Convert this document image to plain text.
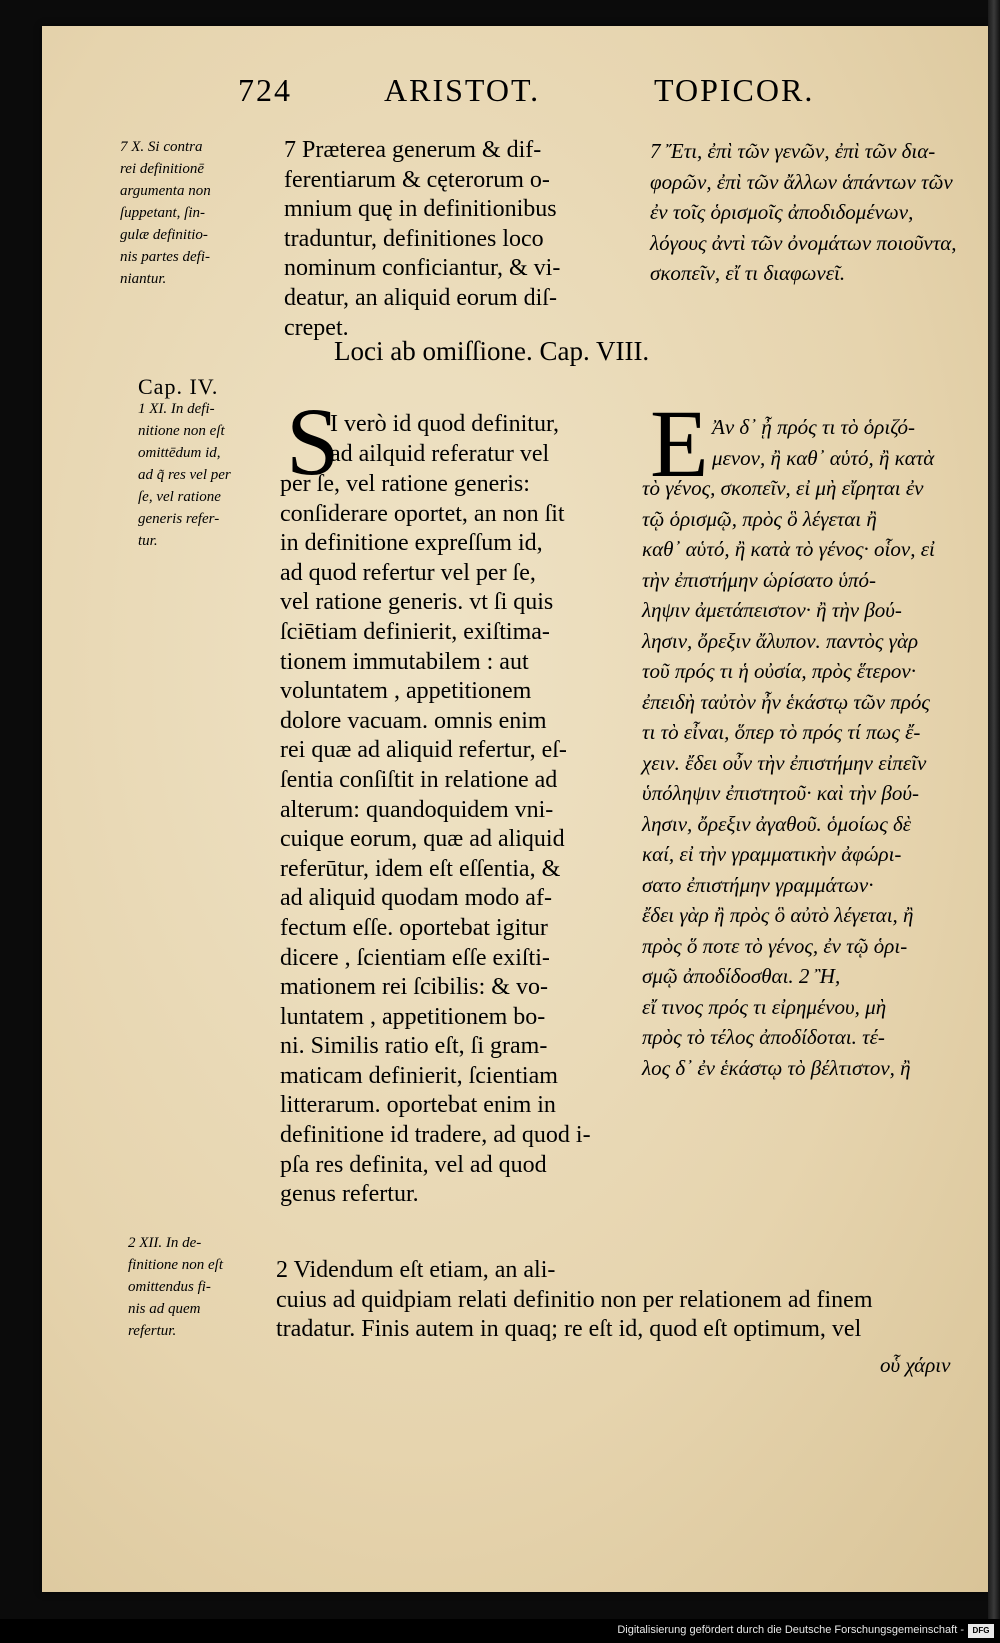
724	ARISTOT.	TOPICOR.
7 X. Si contra
rei definitionē
argumenta non
ſuppetant, ſin-
gulæ definitio-
nis partes defi-
niantur.
Cap. IV.
1 XI. In defi-
nitione non eſt
omittēdum id,
ad q̃ res vel per
ſe, vel ratione
generis refer-
tur.
2 XII. In de-
finitione non eſt
omittendus fi-
nis ad quem
refertur.
7 Præterea generum & dif-
ferentiarum & cęterorum o-
mnium quę in definitionibus
traduntur, definitiones loco
nominum conficiantur, & vi-
deatur, an aliquid eorum diſ-
crepet.
7 Ἔτι, ἐπὶ τῶν γενῶν, ἐπὶ τῶν δια-
φορῶν, ἐπὶ τῶν ἄλλων ἁπάντων τῶν
ἐν τοῖς ὁρισμοῖς ἀποδιδομένων,
λόγους ἀντὶ τῶν ὀνομάτων ποιοῦντα,
σκοπεῖν, εἴ τι διαφωνεῖ.
Loci ab omiſſione. Cap. VIII.
S
I verò id quod definitur,
ad ailquid referatur vel
per ſe, vel ratione generis:
conſiderare oportet, an non ſit
in definitione expreſſum id,
ad quod refertur vel per ſe,
vel ratione generis. vt ſi quis
ſciētiam definierit, exiſtima-
tionem immutabilem : aut
voluntatem , appetitionem
dolore vacuam. omnis enim
rei quæ ad aliquid refertur, eſ-
ſentia conſiſtit in relatione ad
alterum: quandoquidem vni-
cuique eorum, quæ ad aliquid
referūtur, idem eſt eſſentia, &
ad aliquid quodam modo af-
fectum eſſe. oportebat igitur
dicere , ſcientiam eſſe exiſti-
mationem rei ſcibilis: & vo-
luntatem , appetitionem bo-
ni. Similis ratio eſt, ſi gram-
maticam definierit, ſcientiam
litterarum. oportebat enim in
definitione id tradere, ad quod i-
pſa res definita, vel ad quod
genus refertur.
Ε Ἀν δ᾽ ᾖ πρός τι τὸ ὁριζό-
μενον, ἢ καθ᾽ αὑτό, ἢ κατὰ
τὸ γένος, σκοπεῖν, εἰ μὴ εἴρηται ἐν
τῷ ὁρισμῷ, πρὸς ὃ λέγεται ἢ
καθ᾽ αὑτό, ἢ κατὰ τὸ γένος· οἷον, εἰ
τὴν ἐπιστήμην ὡρίσατο ὑπό-
ληψιν ἀμετάπειστον· ἢ τὴν βού-
λησιν, ὄρεξιν ἄλυπον. παντὸς γὰρ
τοῦ πρός τι ἡ οὐσία, πρὸς ἕτερον·
ἐπειδὴ ταὐτὸν ἦν ἑκάστῳ τῶν πρός
τι τὸ εἶναι, ὅπερ τὸ πρός τί πως ἔ-
χειν. ἔδει οὖν τὴν ἐπιστήμην εἰπεῖν
ὑπόληψιν ἐπιστητοῦ· καὶ τὴν βού-
λησιν, ὄρεξιν ἀγαθοῦ. ὁμοίως δὲ
καί, εἰ τὴν γραμματικὴν ἀφώρι-
σατο ἐπιστήμην γραμμάτων·
ἔδει γὰρ ἢ πρὸς ὃ αὐτὸ λέγεται, ἢ
πρὸς ὅ ποτε τὸ γένος, ἐν τῷ ὁρι-
σμῷ ἀποδίδοσθαι. 2 Ἢ,
εἴ τινος πρός τι εἰρημένου, μὴ
πρὸς τὸ τέλος ἀποδίδοται. τέ-
λος δ᾽ ἐν ἑκάστῳ τὸ βέλτιστον, ἢ
2 Videndum eſt etiam, an ali-
cuius ad quidpiam relati definitio non per relationem ad finem
tradatur. Finis autem in quaq; re eſt id, quod eſt optimum, vel
οὗ χάριν
Digitalisierung gefördert durch die Deutsche Forschungsgemeinschaft -	DFG
